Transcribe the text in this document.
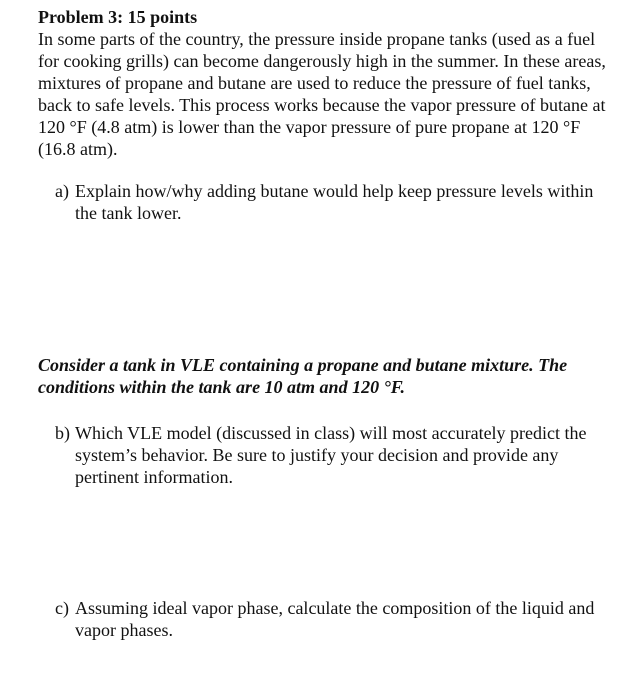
Problem 3: 15 points

In some parts of the country, the pressure inside propane tanks (used as a fuel for cooking grills) can become dangerously high in the summer. In these areas, mixtures of propane and butane are used to reduce the pressure of fuel tanks, back to safe levels. This process works because the vapor pressure of butane at 120 °F (4.8 atm) is lower than the vapor pressure of pure propane at 120 °F (16.8 atm).

a) Explain how/why adding butane would help keep pressure levels within the tank lower.

Consider a tank in VLE containing a propane and butane mixture. The conditions within the tank are 10 atm and 120 °F.

b) Which VLE model (discussed in class) will most accurately predict the system’s behavior. Be sure to justify your decision and provide any pertinent information.
c) Assuming ideal vapor phase, calculate the composition of the liquid and vapor phases.
